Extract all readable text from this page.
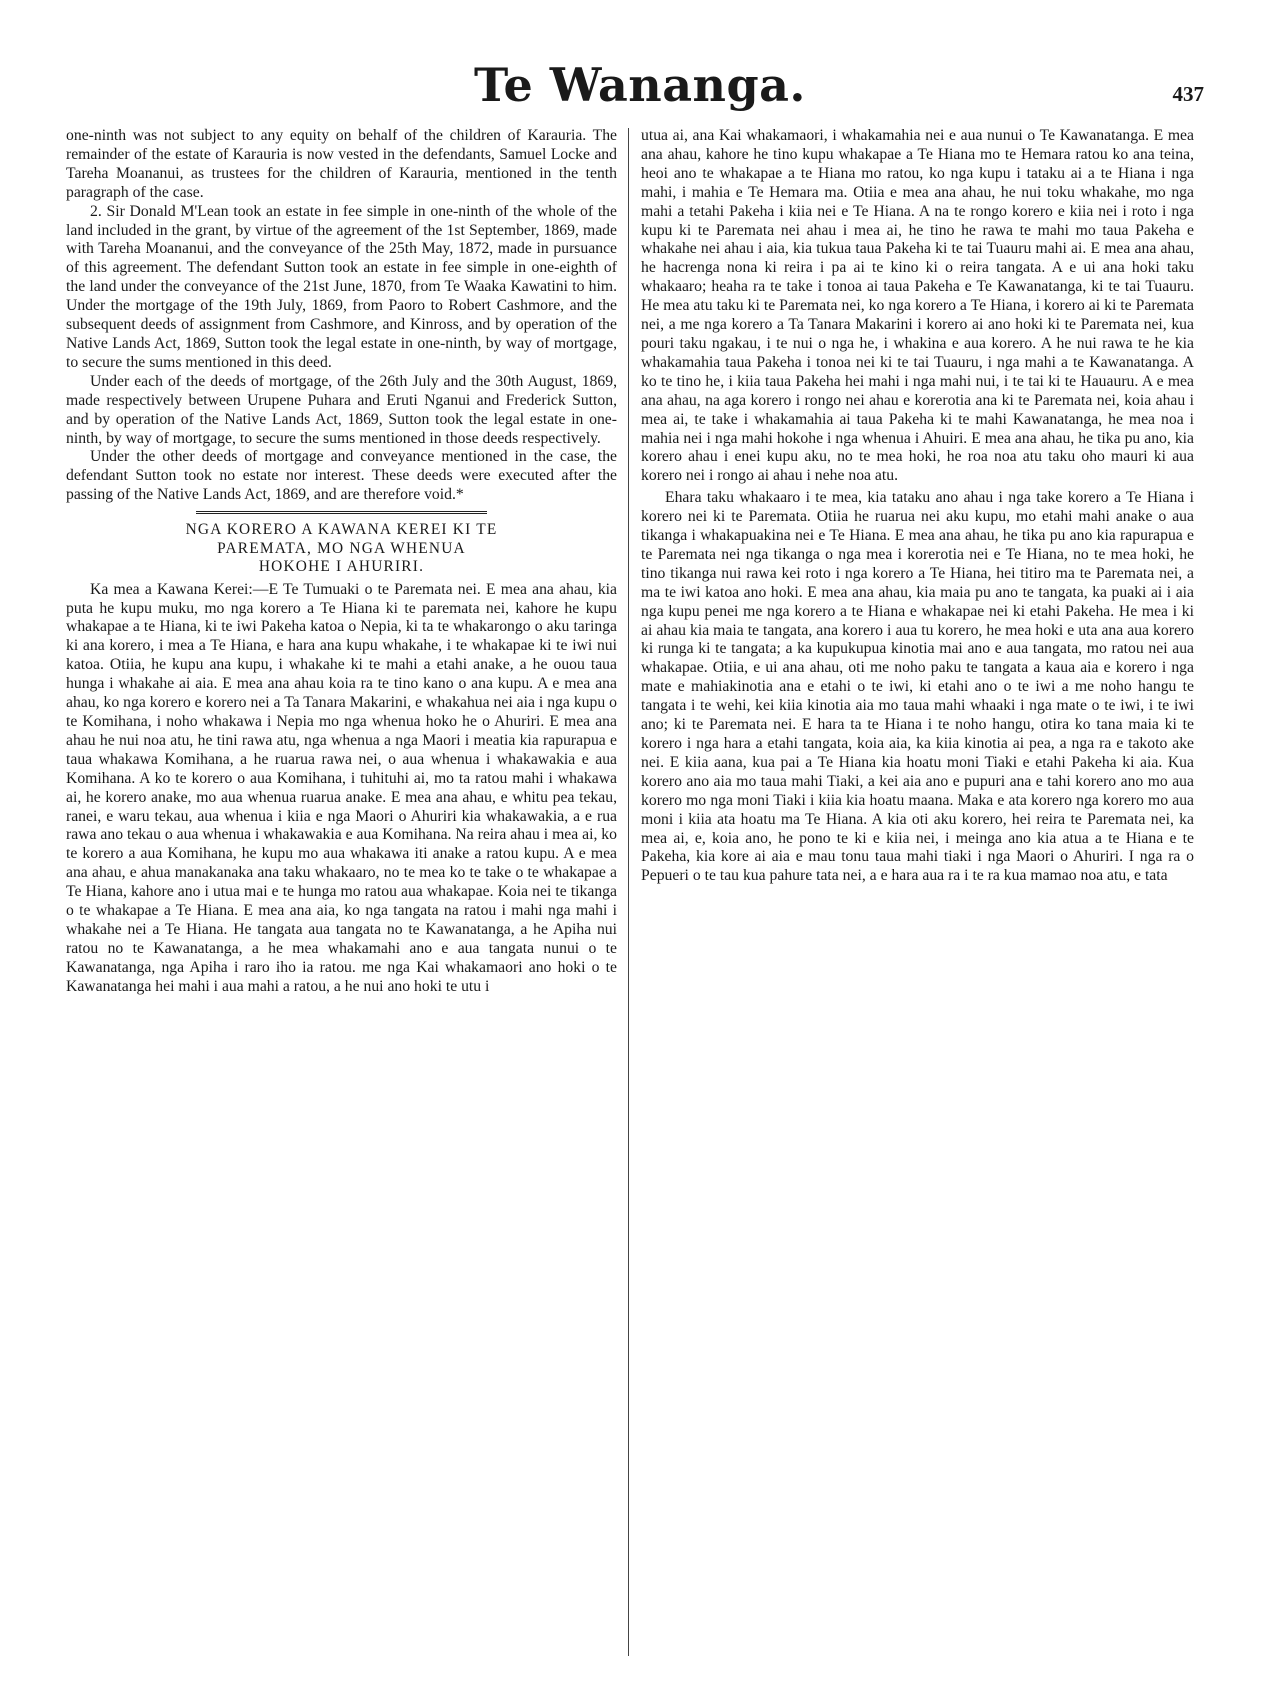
Te Wananga.	437

one-ninth was not subject to any equity on behalf of the children of Karauria. The remainder of the estate of Karauria is now vested in the defendants, Samuel Locke and Tareha Moananui, as trustees for the children of Karauria, mentioned in the tenth paragraph of the case.

2. Sir Donald M'Lean took an estate in fee simple in one-ninth of the whole of the land included in the grant, by virtue of the agreement of the 1st September, 1869, made with Tareha Moananui, and the conveyance of the 25th May, 1872, made in pursuance of this agreement. The defendant Sutton took an estate in fee simple in one-eighth of the land under the conveyance of the 21st June, 1870, from Te Waaka Kawatini to him. Under the mortgage of the 19th July, 1869, from Paoro to Robert Cashmore, and the subsequent deeds of assignment from Cashmore, and Kinross, and by operation of the Native Lands Act, 1869, Sutton took the legal estate in one-ninth, by way of mortgage, to secure the sums mentioned in this deed.

Under each of the deeds of mortgage, of the 26th July and the 30th August, 1869, made respectively between Urupene Puhara and Eruti Nganui and Frederick Sutton, and by operation of the Native Lands Act, 1869, Sutton took the legal estate in one-ninth, by way of mortgage, to secure the sums mentioned in those deeds respectively.

Under the other deeds of mortgage and conveyance mentioned in the case, the defendant Sutton took no estate nor interest. These deeds were executed after the passing of the Native Lands Act, 1869, and are therefore void.*

NGA KORERO A KAWANA KEREI KI TE
PAREMATA, MO NGA WHENUA
HOKOHE I AHURIRI.

Ka mea a Kawana Kerei:—E Te Tumuaki o te Paremata nei. E mea ana ahau, kia puta he kupu muku, mo nga korero a Te Hiana ki te paremata nei, kahore he kupu whakapae a te Hiana, ki te iwi Pakeha katoa o Nepia, ki ta te whakarongo o aku taringa ki ana korero, i mea a Te Hiana, e hara ana kupu whakahe, i te whakapae ki te iwi nui katoa. Otiia, he kupu ana kupu, i whakahe ki te mahi a etahi anake, a he ouou taua hunga i whakahe ai aia. E mea ana ahau koia ra te tino kano o ana kupu. A e mea ana ahau, ko nga korero e korero nei a Ta Tanara Makarini, e whakahua nei aia i nga kupu o te Komihana, i noho whakawa i Nepia mo nga whenua hoko he o Ahuriri. E mea ana ahau he nui noa atu, he tini rawa atu, nga whenua a nga Maori i meatia kia rapurapua e taua whakawa Komihana, a he ruarua rawa nei, o aua whenua i whakawakia e aua Komihana. A ko te korero o aua Komihana, i tuhituhi ai, mo ta ratou mahi i whakawa ai, he korero anake, mo aua whenua ruarua anake. E mea ana ahau, e whitu pea tekau, ranei, e waru tekau, aua whenua i kiia e nga Maori o Ahuriri kia whakawakia, a e rua rawa ano tekau o aua whenua i whakawakia e aua Komihana. Na reira ahau i mea ai, ko te korero a aua Komihana, he kupu mo aua whakawa iti anake a ratou kupu. A e mea ana ahau, e ahua manakanaka ana taku whakaaro, no te mea ko te take o te whakapae a Te Hiana, kahore ano i utua mai e te hunga mo ratou aua whakapae. Koia nei te tikanga o te whakapae a Te Hiana. E mea ana aia, ko nga tangata na ratou i mahi nga mahi i whakahe nei a Te Hiana. He tangata aua tangata no te Kawanatanga, a he Apiha nui ratou no te Kawanatanga, a he mea whakamahi ano e aua tangata nunui o te Kawanatanga, nga Apiha i raro iho ia ratou. me nga Kai whakamaori ano hoki o te Kawanatanga hei mahi i aua mahi a ratou, a he nui ano hoki te utu i

utua ai, ana Kai whakamaori, i whakamahia nei e aua nunui o Te Kawanatanga. E mea ana ahau, kahore he tino kupu whakapae a Te Hiana mo te Hemara ratou ko ana teina, heoi ano te whakapae a te Hiana mo ratou, ko nga kupu i tataku ai a te Hiana i nga mahi, i mahia e Te Hemara ma. Otiia e mea ana ahau, he nui toku whakahe, mo nga mahi a tetahi Pakeha i kiia nei e Te Hiana. A na te rongo korero e kiia nei i roto i nga kupu ki te Paremata nei ahau i mea ai, he tino he rawa te mahi mo taua Pakeha e whakahe nei ahau i aia, kia tukua taua Pakeha ki te tai Tuauru mahi ai. E mea ana ahau, he hacrenga nona ki reira i pa ai te kino ki o reira tangata. A e ui ana hoki taku whakaaro; heaha ra te take i tonoa ai taua Pakeha e Te Kawanatanga, ki te tai Tuauru. He mea atu taku ki te Paremata nei, ko nga korero a Te Hiana, i korero ai ki te Paremata nei, a me nga korero a Ta Tanara Makarini i korero ai ano hoki ki te Paremata nei, kua pouri taku ngakau, i te nui o nga he, i whakina e aua korero. A he nui rawa te he kia whakamahia taua Pakeha i tonoa nei ki te tai Tuauru, i nga mahi a te Kawanatanga. A ko te tino he, i kiia taua Pakeha hei mahi i nga mahi nui, i te tai ki te Hauauru. A e mea ana ahau, na aga korero i rongo nei ahau e korerotia ana ki te Paremata nei, koia ahau i mea ai, te take i whakamahia ai taua Pakeha ki te mahi Kawanatanga, he mea noa i mahia nei i nga mahi hokohe i nga whenua i Ahuiri. E mea ana ahau, he tika pu ano, kia korero ahau i enei kupu aku, no te mea hoki, he roa noa atu taku oho mauri ki aua korero nei i rongo ai ahau i nehe noa atu.

Ehara taku whakaaro i te mea, kia tataku ano ahau i nga take korero a Te Hiana i korero nei ki te Paremata. Otiia he ruarua nei aku kupu, mo etahi mahi anake o aua tikanga i whakapuakina nei e Te Hiana. E mea ana ahau, he tika pu ano kia rapurapua e te Paremata nei nga tikanga o nga mea i korerotia nei e Te Hiana, no te mea hoki, he tino tikanga nui rawa kei roto i nga korero a Te Hiana, hei titiro ma te Paremata nei, a ma te iwi katoa ano hoki. E mea ana ahau, kia maia pu ano te tangata, ka puaki ai i aia nga kupu penei me nga korero a te Hiana e whakapae nei ki etahi Pakeha. He mea i ki ai ahau kia maia te tangata, ana korero i aua tu korero, he mea hoki e uta ana aua korero ki runga ki te tangata; a ka kupukupua kinotia mai ano e aua tangata, mo ratou nei aua whakapae. Otiia, e ui ana ahau, oti me noho paku te tangata a kaua aia e korero i nga mate e mahiakinotia ana e etahi o te iwi, ki etahi ano o te iwi a me noho hangu te tangata i te wehi, kei kiia kinotia aia mo taua mahi whaaki i nga mate o te iwi, i te iwi ano; ki te Paremata nei. E hara ta te Hiana i te noho hangu, otira ko tana maia ki te korero i nga hara a etahi tangata, koia aia, ka kiia kinotia ai pea, a nga ra e takoto ake nei. E kiia aana, kua pai a Te Hiana kia hoatu moni Tiaki e etahi Pakeha ki aia. Kua korero ano aia mo taua mahi Tiaki, a kei aia ano e pupuri ana e tahi korero ano mo aua korero mo nga moni Tiaki i kiia kia hoatu maana. Maka e ata korero nga korero mo aua moni i kiia ata hoatu ma Te Hiana. A kia oti aku korero, hei reira te Paremata nei, ka mea ai, e, koia ano, he pono te ki e kiia nei, i meinga ano kia atua a te Hiana e te Pakeha, kia kore ai aia e mau tonu taua mahi tiaki i nga Maori o Ahuriri. I nga ra o Pepueri o te tau kua pahure tata nei, a e hara aua ra i te ra kua mamao noa atu, e tata
